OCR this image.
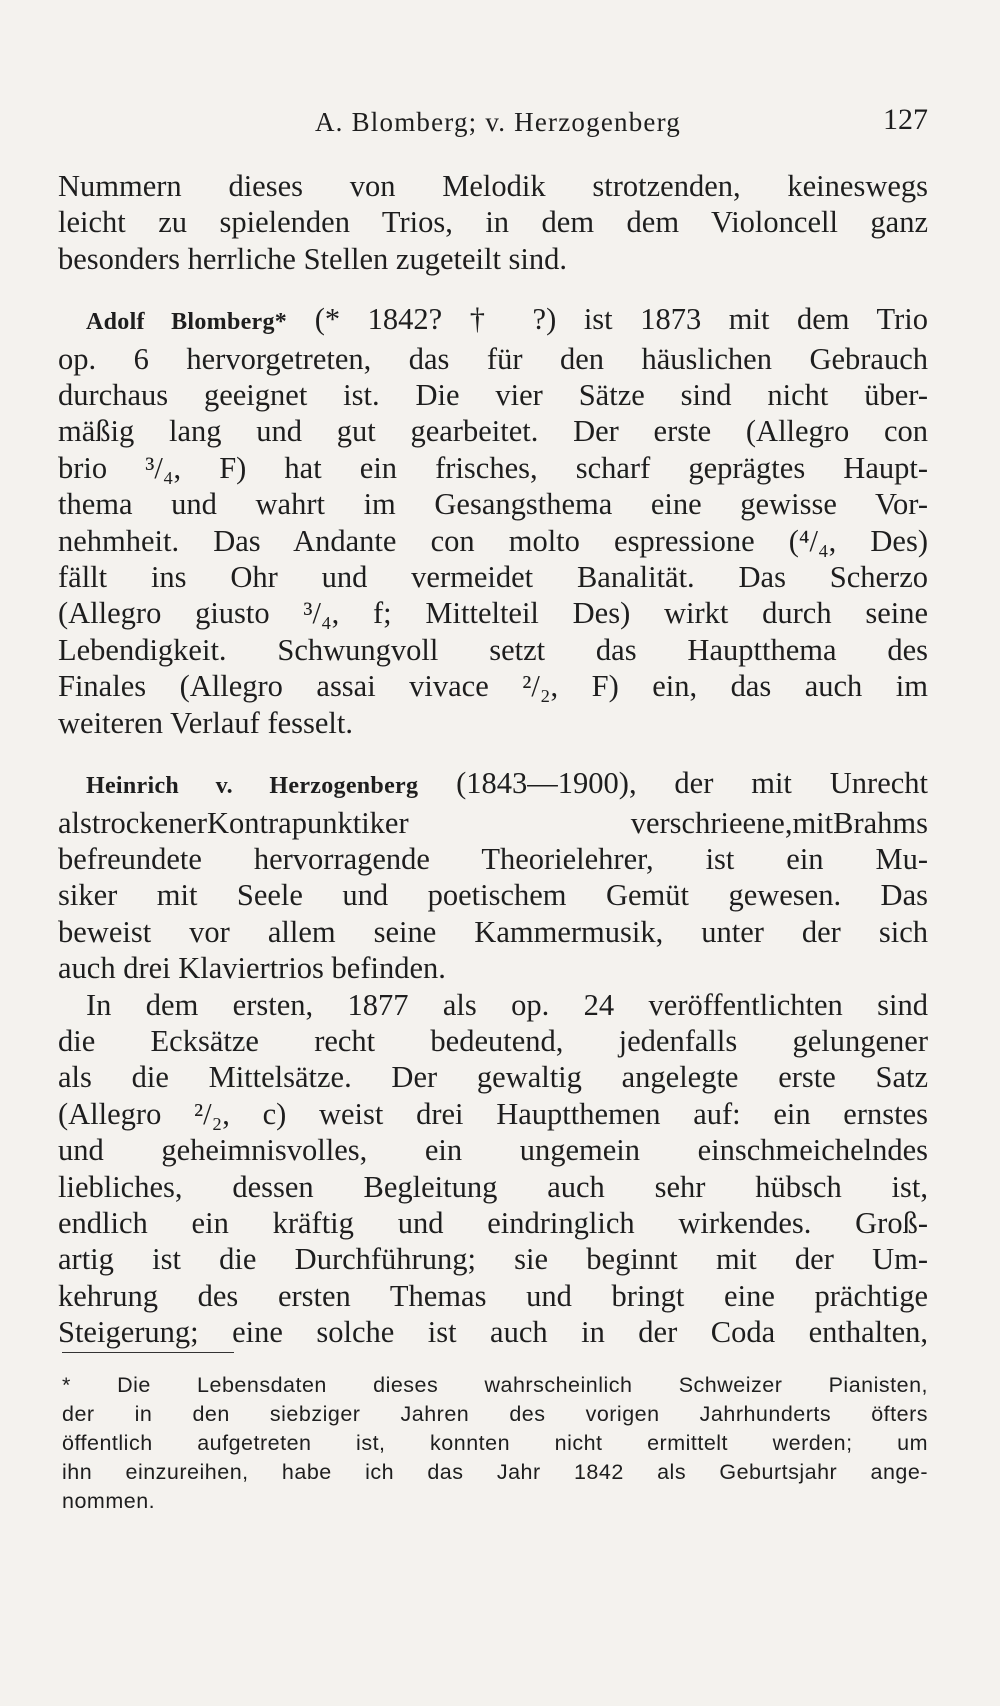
A. Blomberg; v. Herzogenberg	127

Nummern dieses von Melodik strotzenden, keineswegs
leicht zu spielenden Trios, in dem dem Violoncell ganz
besonders herrliche Stellen zugeteilt sind.

Adolf Blomberg* (* 1842? † ?) ist 1873 mit dem Trio
op. 6 hervorgetreten, das für den häuslichen Gebrauch
durchaus geeignet ist. Die vier Sätze sind nicht über-
mäßig lang und gut gearbeitet. Der erste (Allegro con
brio ³/₄, F) hat ein frisches, scharf geprägtes Haupt-
thema und wahrt im Gesangsthema eine gewisse Vor-
nehmheit. Das Andante con molto espressione (⁴/₄, Des)
fällt ins Ohr und vermeidet Banalität. Das Scherzo
(Allegro giusto ³/₄, f; Mittelteil Des) wirkt durch seine
Lebendigkeit. Schwungvoll setzt das Hauptthema des
Finales (Allegro assai vivace ²/₂, F) ein, das auch im
weiteren Verlauf fesselt.

Heinrich v. Herzogenberg (1843—1900), der mit Unrecht
alstrockenerKontrapunktiker verschrieene,mitBrahms
befreundete hervorragende Theorielehrer, ist ein Mu-
siker mit Seele und poetischem Gemüt gewesen. Das
beweist vor allem seine Kammermusik, unter der sich
auch drei Klaviertrios befinden.

In dem ersten, 1877 als op. 24 veröffentlichten sind
die Ecksätze recht bedeutend, jedenfalls gelungener
als die Mittelsätze. Der gewaltig angelegte erste Satz
(Allegro ²/₂, c) weist drei Hauptthemen auf: ein ernstes
und geheimnisvolles, ein ungemein einschmeichelndes
liebliches, dessen Begleitung auch sehr hübsch ist,
endlich ein kräftig und eindringlich wirkendes. Groß-
artig ist die Durchführung; sie beginnt mit der Um-
kehrung des ersten Themas und bringt eine prächtige
Steigerung; eine solche ist auch in der Coda enthalten,

* Die Lebensdaten dieses wahrscheinlich Schweizer Pianisten,
der in den siebziger Jahren des vorigen Jahrhunderts öfters
öffentlich aufgetreten ist, konnten nicht ermittelt werden; um
ihn einzureihen, habe ich das Jahr 1842 als Geburtsjahr ange-
nommen.
